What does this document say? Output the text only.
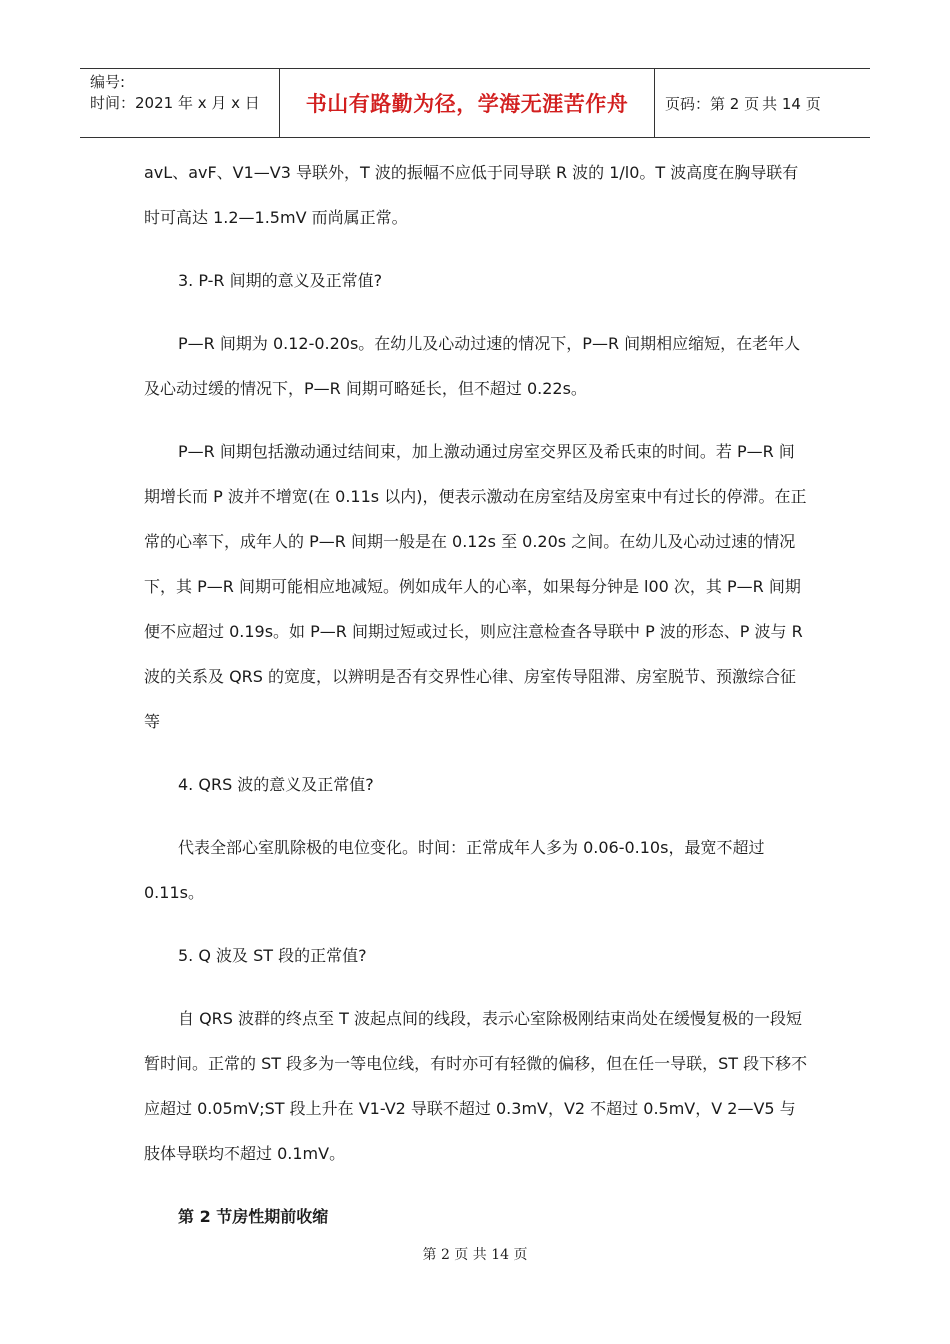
编号:
时间：2021 年 x 月 x 日	书山有路勤为径，学海无涯苦作舟	页码：第 2 页 共 14 页

avL、avF、V1—V3 导联外，T 波的振幅不应低于同导联 R 波的 1/l0。T 波高度在胸导联有时可高达 1.2—1.5mV 而尚属正常。

3. P-R 间期的意义及正常值?

P—R 间期为 0.12-0.20s。在幼儿及心动过速的情况下，P—R 间期相应缩短，在老年人及心动过缓的情况下，P—R 间期可略延长，但不超过 0.22s。

P—R 间期包括激动通过结间束，加上激动通过房室交界区及希氏束的时间。若 P—R 间期增长而 P 波并不增宽(在 0.11s 以内)，便表示激动在房室结及房室束中有过长的停滞。在正常的心率下，成年人的 P—R 间期一般是在 0.12s 至 0.20s 之间。在幼儿及心动过速的情况下，其 P—R 间期可能相应地减短。例如成年人的心率，如果每分钟是 l00 次，其 P—R 间期便不应超过 0.19s。如 P—R 间期过短或过长，则应注意检查各导联中 P 波的形态、P 波与 R 波的关系及 QRS 的宽度，以辨明是否有交界性心律、房室传导阻滞、房室脱节、预激综合征等

4. QRS 波的意义及正常值?

代表全部心室肌除极的电位变化。时间：正常成年人多为 0.06-0.10s，最宽不超过 0.11s。

5. Q 波及 ST 段的正常值?

自 QRS 波群的终点至 T 波起点间的线段，表示心室除极刚结束尚处在缓慢复极的一段短暂时间。正常的 ST 段多为一等电位线，有时亦可有轻微的偏移，但在任一导联，ST 段下移不应超过 0.05mV;ST 段上升在 V1-V2 导联不超过 0.3mV，V2 不超过 0.5mV，V 2—V5 与肢体导联均不超过 0.1mV。

第 2 节房性期前收缩

第 2 页 共 14 页
